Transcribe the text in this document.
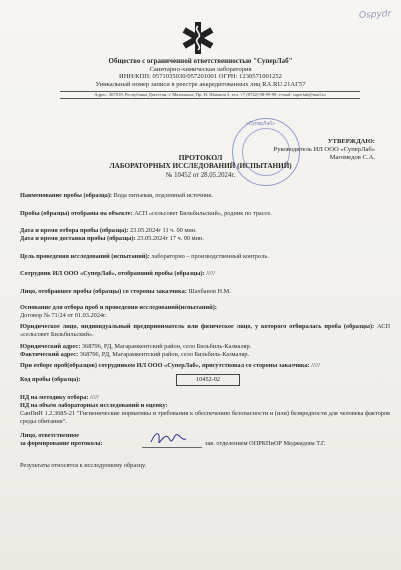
Ospydr
Общество с ограниченной ответственностью "СуперЛаб"
Санитарно-химическая лаборатория
ИНН/КПП: 0571035030/057201001 ОГРН: 1230571001252
Уникальный номер записи в реестре аккредитованных лиц RA.RU.21АГ57
Адрес: 367018, Республика Дагестан, г. Махачкала, Пр. Н. Шамиля 3, тел. +7 (8722) 98-99-99, e-mail: superlab@mail.ru
«СуперЛаб»
УТВЕРЖДАЮ:
Руководитель ИЛ ООО «СуперЛаб»
Магомедов С.А.
ПРОТОКОЛ
ЛАБОРАТОРНЫХ ИССЛЕДОВАНИЙ (ИСПЫТАНИЙ)
№ 10452 от 28.05.2024г.
Наименование пробы (образца): Вода питьевая, подземный источник.
Пробы (образцы) отобраны на объекте: АСП «сельсовет Бильбильский», родник по трассе.
Дата и время отбора пробы (образца): 23.05.2024г 11 ч. 00 мин.
Дата и время доставки пробы (образца): 23.05.2024г 17 ч. 00 мин.
Цель проведения исследований (испытаний): лабораторно – производственный контроль.
Сотрудник ИЛ ООО «СуперЛаб», отобравший пробы (образцы): /////
Лицо, отобравшее пробы (образцы) со стороны заказчика: Шахбанов Н.М.
Основание для отбора проб и проведения исследований(испытаний):
Договор № 71/24 от 01.03.2024г.
Юридическое лицо, индивидуальный предприниматель или физическое лицо, у которого отбиралась проба (образцы): АСП «сельсовет Бильбильский».
Юридический адрес: 368796, РД, Магарамкентский район, село Бильбиль-Казмаляр.
Фактический адрес: 368796, РД, Магарамкентский район, село Бильбиль-Казмаляр.
При отборе проб(образцов) сотрудником ИЛ ООО «СуперЛаб», присутствовал со стороны заказчика: /////
Код пробы (образца):	10452-02
НД на методику отбора: /////
НД на объем лабораторных исследований и оценку:
СанПиН 1.2.3685-21 "Гигиенические нормативы и требования к обеспечению безопасности и (или) безвредности для человека факторов среды обитания".
Лицо, ответственное
за формирование протокола:	зав. отделением ОПРКПиОР Меджидова Т.Г.
Результаты относятся к исследуемому образцу.
